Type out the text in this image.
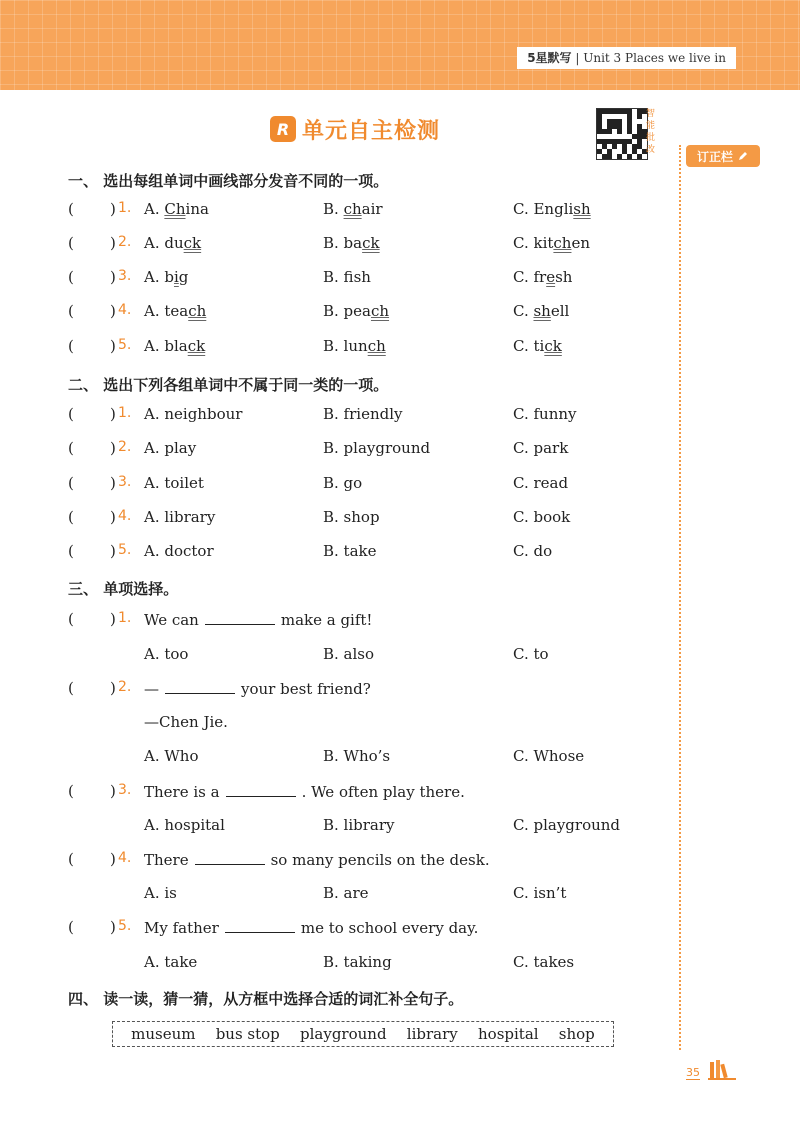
5星默写 | Unit 3 Places we live in
R 单元自主检测
智能批改	订正栏
一、 选出每组单词中画线部分发音不同的一项。
( ) 1. A. China	B. chair	C. English
( ) 2. A. duck	B. back	C. kitchen
( ) 3. A. big	B. fsh	C. fresh
( ) 4. A. teach	B. peach	C. shell
( ) 5. A. black	B. lunch	C. tick
二、 选出下列各组单词中不属于同一类的一项。
( ) 1. A. neighbour	B. friendly	C. funny
( ) 2. A. play	B. playground	C. park
( ) 3. A. toilet	B. go	C. read
( ) 4. A. library	B. shop	C. book
( ) 5. A. doctor	B. take	C. do
三、 单项选择。
( ) 1. We can	make a gift!
A. too	B. also	C. to
( ) 2. —	your best friend?
—Chen Jie.
A. Who	B. Who’s	C. Whose
( ) 3. There is a	. We often play there.
A. hospital	B. library	C. playground
( ) 4. There	so many pencils on the desk.
A. is	B. are	C. isn’t
( ) 5. My father	me to school every day.
A. take	B. taking	C. takes
四、 读一读，猜一猜，从方框中选择合适的词汇补全句子。
museum bus stop playground library hospital shop
35
